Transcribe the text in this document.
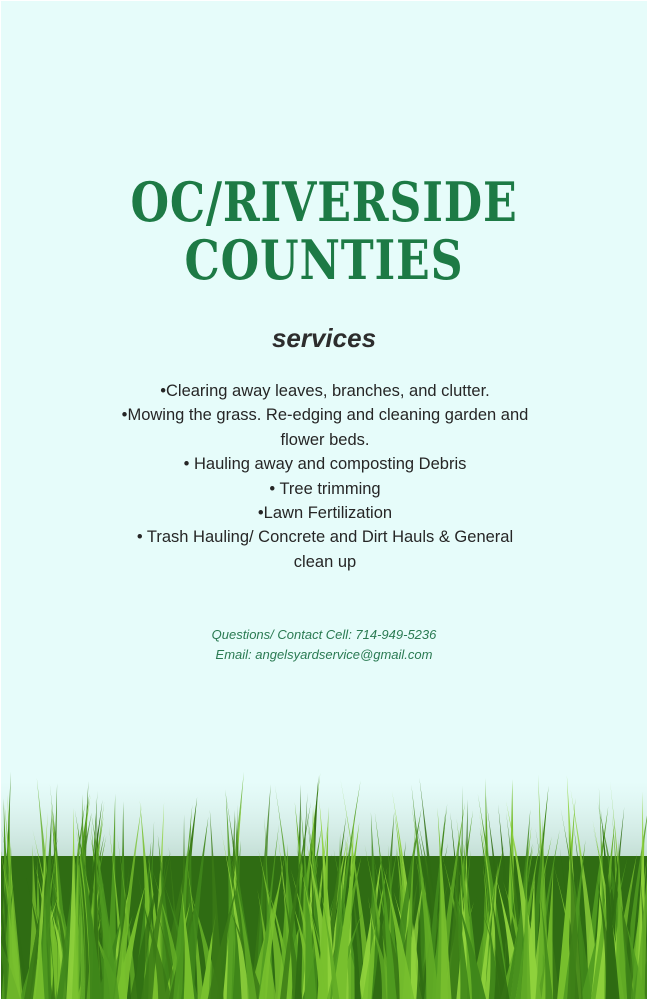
OC/RIVERSIDE
COUNTIES
services
•Clearing away leaves, branches, and clutter.
•Mowing the grass. Re-edging and cleaning garden and flower beds.
• Hauling away and composting Debris
• Tree trimming
•Lawn Fertilization
• Trash Hauling/ Concrete and Dirt Hauls & General clean up
Questions/ Contact Cell: 714-949-5236
Email: angelsyardservice@gmail.com
